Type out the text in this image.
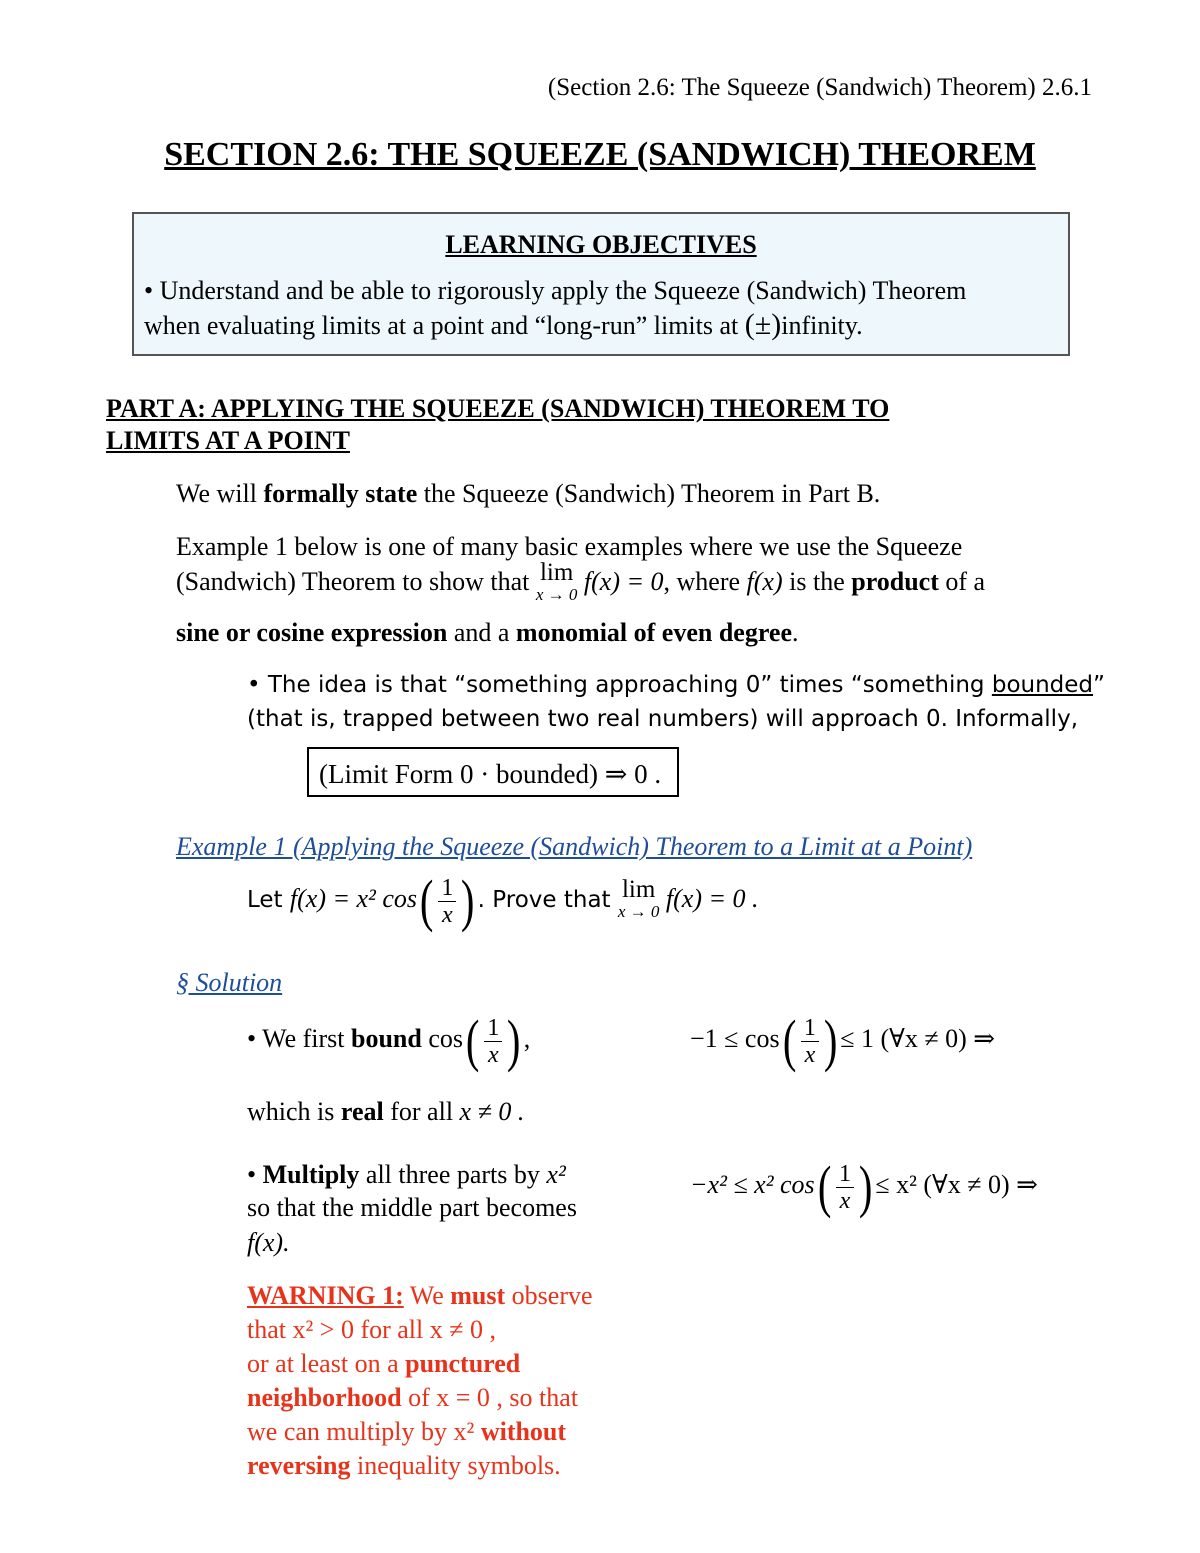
(Section 2.6: The Squeeze (Sandwich) Theorem) 2.6.1
SECTION 2.6: THE SQUEEZE (SANDWICH) THEOREM
LEARNING OBJECTIVES
• Understand and be able to rigorously apply the Squeeze (Sandwich) Theorem
when evaluating limits at a point and “long-run” limits at (±)infinity.
PART A: APPLYING THE SQUEEZE (SANDWICH) THEOREM TO
LIMITS AT A POINT
We will formally state the Squeeze (Sandwich) Theorem in Part B.
Example 1 below is one of many basic examples where we use the Squeeze
(Sandwich) Theorem to show that lim
x → 0 f(x) = 0, where f(x) is the product of a
sine or cosine expression and a monomial of even degree.
• The idea is that “something approaching 0” times “something bounded”
(that is, trapped between two real numbers) will approach 0. Informally,
(Limit Form 0 · bounded) ⇒ 0 .
Example 1 (Applying the Squeeze (Sandwich) Theorem to a Limit at a Point)
Let f(x) = x² $\cos( \frac{1}{x}$ ) . Prove that lim
x → 0 f(x) = 0 .
§ Solution
• We first bound $\cos( \frac{1}{x}$ ) ,
which is real for all x ≠ 0 .
$-1 \le \cos( \frac{1}{x}$ ) ≤ 1 (∀x ≠ 0) ⇒
• Multiply all three parts by x²
so that the middle part becomes
f(x).
−x² ≤ x² $\cos( \frac{1}{x}$ ) ≤ x² (∀x ≠ 0) ⇒
WARNING 1: We must observe
that x² > 0 for all x ≠ 0 ,
or at least on a punctured
neighborhood of x = 0 , so that
we can multiply by x² without
reversing inequality symbols.
